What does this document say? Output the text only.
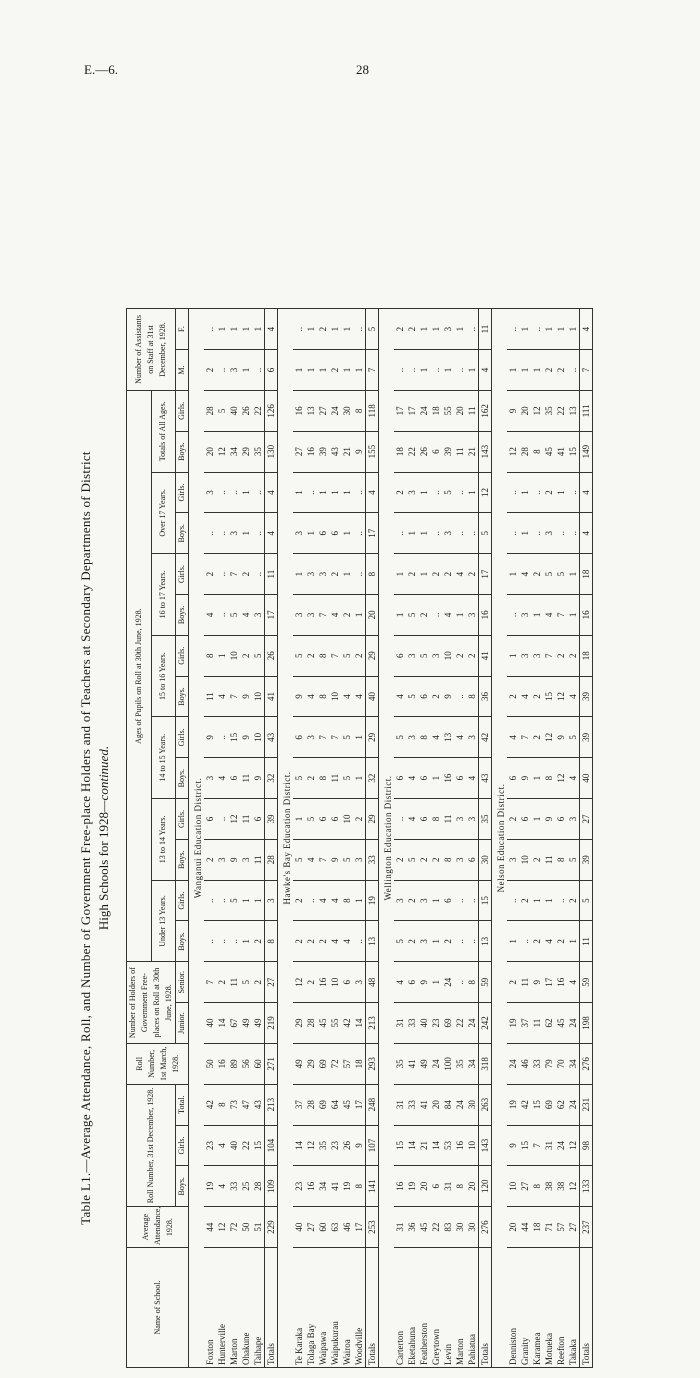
E.—6.	28
Table L1.—Average Attendance, Roll, and Number of Government Free-place Holders and of Teachers at Secondary Departments of District High Schools for 1928—continued.
Name of School.	Average Attendance, 1928.	Roll Number, 31st December, 1928.			Roll Number, 1st March, 1928.	Number of Holders of Government Free-places on Roll at 30th June, 1928.		Ages of Pupils on Roll at 30th June, 1928.														Number of Assistants on Staff at 31st December, 1928.	
								Under 13 Years.		13 to 14 Years.		14 to 15 Years.		15 to 16 Years.		16 to 17 Years.		Over 17 Years.		Totals of All Ages.			
		Boys.	Girls.	Total.		Junior.	Senior.	Boys.	Girls.	Boys.	Girls.	Boys.	Girls.	Boys.	Girls.	Boys.	Girls.	Boys.	Girls.	Boys.	Girls.	M.	F.
Wanganui Education District.																							
Foxton	44	19	23	42	50	40	7	..	..	2	6	3	9	11	8	4	2	..	3	20	28	2	..
Hunterville	12	4	4	8	16	14	2	..	..	3	..	4	..	4	1	..	..	..	..	12	5	..	1
Marton	72	33	40	73	89	67	11	..	5	9	12	6	15	7	10	5	7	3	..	34	40	3	1
Ohakune	50	25	22	47	56	49	5	1	1	3	11	11	9	9	2	4	2	1	1	29	26	1	1
Taihape	51	28	15	43	60	49	2	2	1	11	6	9	10	10	5	3	..	..	..	35	22	..	1
Totals	229	109	104	213	271	219	27	8	3	28	39	32	43	41	26	17	11	4	4	130	126	6	4
Hawke's Bay Education District.																							
Te Karaka	40	23	14	37	49	29	12	2	2	5	1	5	6	9	5	3	1	3	1	27	16	1	..
Tolaga Bay	27	16	12	28	29	28	2	2	..	4	5	2	3	4	2	3	3	1	..	16	13	1	1
Waipawa	60	34	35	69	69	45	16	2	4	7	6	8	7	8	8	7	3	6	1	39	27	1	2
Waipukurau	63	41	23	64	72	55	10	4	4	9	6	11	7	10	7	4	2	6	1	43	24	2	1
Wairoa	46	19	26	45	57	42	6	4	8	5	10	5	5	4	5	2	1	1	1	21	30	1	1
Woodville	17	8	9	17	18	14	3	..	1	3	2	1	1	4	2	1	..	..	..	9	8	1	..
Totals	253	141	107	248	293	213	48	13	19	33	29	32	29	40	29	20	8	17	4	155	118	7	5
Wellington Education District.																							
Carterton	31	16	15	31	35	31	4	5	3	2	..	6	5	4	6	1	1	..	2	18	17	..	2
Eketahuna	36	19	14	33	41	33	6	2	2	5	4	4	3	5	3	5	2	1	3	22	17	..	2
Featherston	45	20	21	41	49	40	9	3	3	2	6	6	8	6	5	2	1	1	1	26	24	1	1
Greytown	22	6	14	20	24	23	1	1	1	2	8	1	4	2	3	..	2	..	..	6	18	..	1
Levin	83	31	53	84	100	69	24	2	6	8	11	16	13	9	10	4	2	3	5	39	55	1	3
Marton	30	8	16	24	35	22	..	..	..	3	3	6	4	..	2	1	4	..	..	11	20	..	1
Pahiatua	30	20	10	30	34	24	8	..	..	6	3	4	3	8	2	3	2	..	1	21	11	1	..
Totals	276	120	143	263	318	242	59	13	15	30	35	43	42	36	41	16	17	5	12	143	162	4	11
Nelson Education District.																							
Denniston	20	10	9	19	24	19	2	1	..	3	2	6	4	2	1	..	1	..	..	12	9	1	..
Granity	44	27	15	42	46	37	11	..	2	10	6	9	7	4	3	3	4	1	1	28	20	1	1
Karamea	18	8	7	15	33	11	9	2	1	2	1	1	2	2	3	1	2	..	..	8	12	1	..
Motueka	71	38	31	69	79	62	17	4	1	11	9	8	12	15	7	4	5	3	2	45	35	2	1
Reefton	57	38	24	62	70	45	16	2	..	8	6	12	9	12	2	7	5	..	1	41	22	2	1
Takaka	27	12	12	24	34	24	4	1	2	5	3	4	5	4	2	1	1	..	..	15	13	..	1
Totals	237	133	98	231	276	198	59	11	5	39	27	40	39	39	18	16	18	4	4	149	111	7	4
